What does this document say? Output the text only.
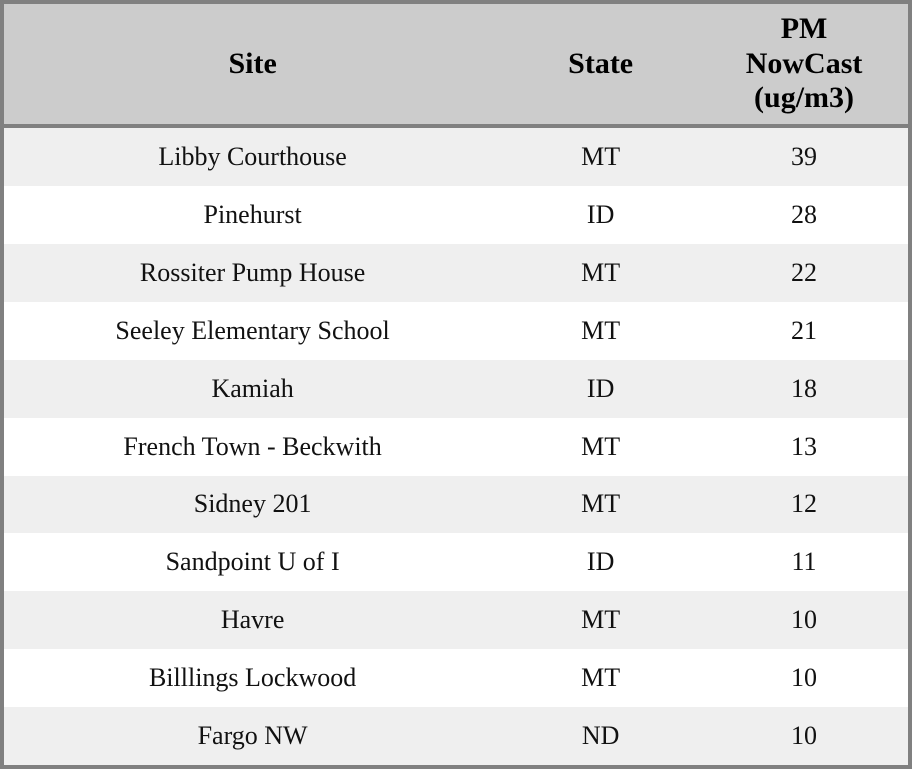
Site	State	PM
NowCast
(ug/m3)

Libby Courthouse	MT	39
Pinehurst	ID	28
Rossiter Pump House	MT	22
Seeley Elementary School	MT	21
Kamiah	ID	18
French Town - Beckwith	MT	13
Sidney 201	MT	12
Sandpoint U of I	ID	11
Havre	MT	10
Billlings Lockwood	MT	10
Fargo NW	ND	10
